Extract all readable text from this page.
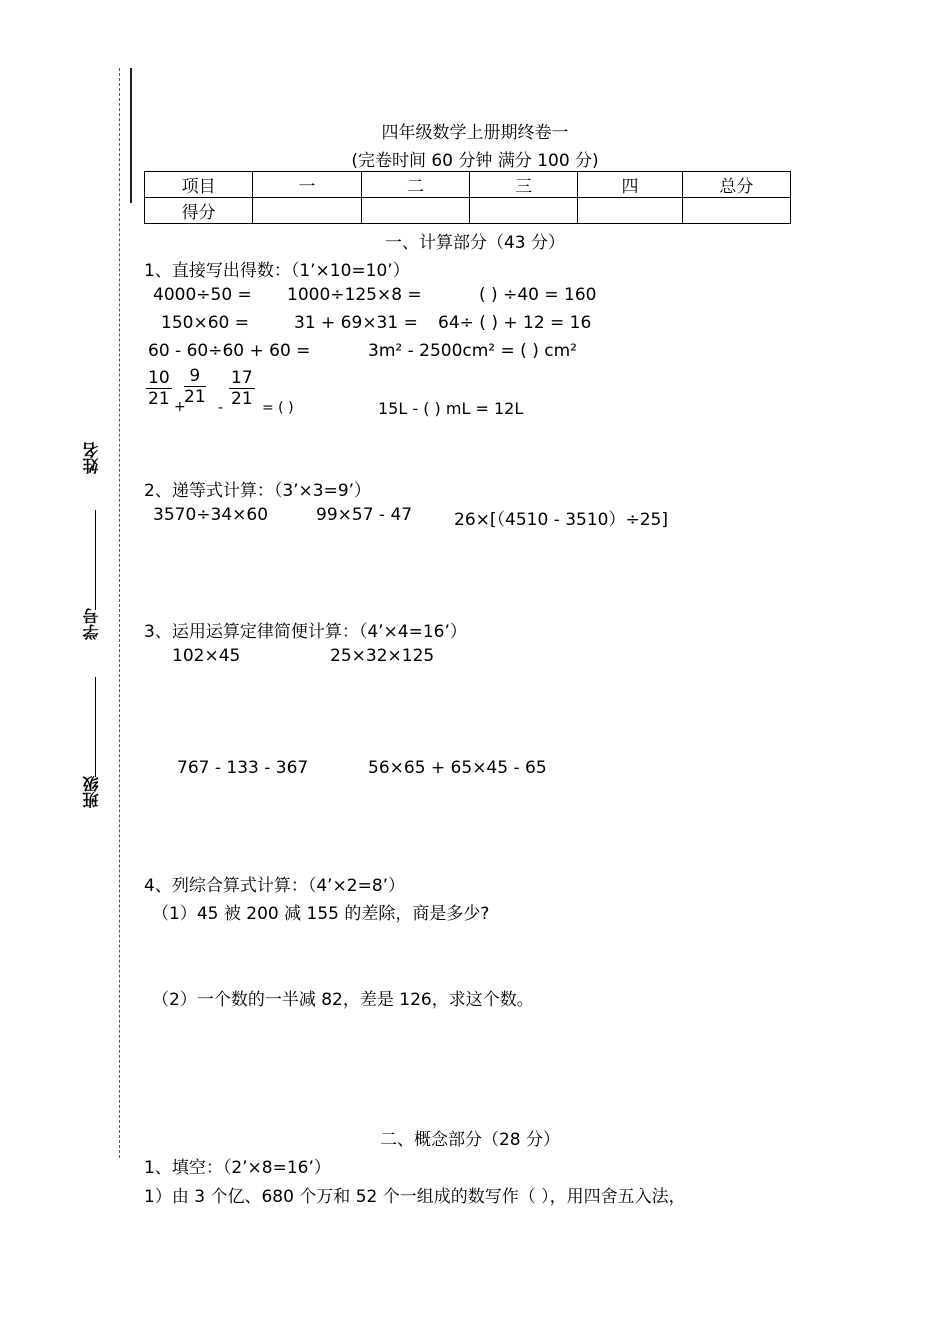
姓名
学号
班级
四年级数学上册期终卷一
(完卷时间 60 分钟 满分 100 分)
项目	一	二	三	四	总分
得分					
一、计算部分（43 分）
1、直接写出得数：（1’×10=10’）
4000÷50 = 1000÷125×8 =	( ) ÷40 = 160
150×60 =	31 + 69×31 = 64÷ ( ) + 12 = 16
60 - 60÷60 + 60 =	3m² - 2500cm² = ( ) cm²
$\frac{10}{21}$ +
$\frac{9}{21}$
- $\frac{17}{21}$ = ( )	15L - ( ) mL = 12L
2、递等式计算：（3’×3=9’）
3570÷34×60	99×57 - 47 26×[（4510 - 3510）÷25]
3、运用运算定律简便计算：（4’×4=16’）
102×45	25×32×125
767 - 133 - 367	56×65 + 65×45 - 65
4、列综合算式计算：（4’×2=8’）
（1）45 被 200 减 155 的差除，商是多少?
（2）一个数的一半减 82，差是 126，求这个数。
二、概念部分（28 分）
1、填空：（2’×8=16’）
1）由 3 个亿、680 个万和 52 个一组成的数写作（ ），用四舍五入法，
